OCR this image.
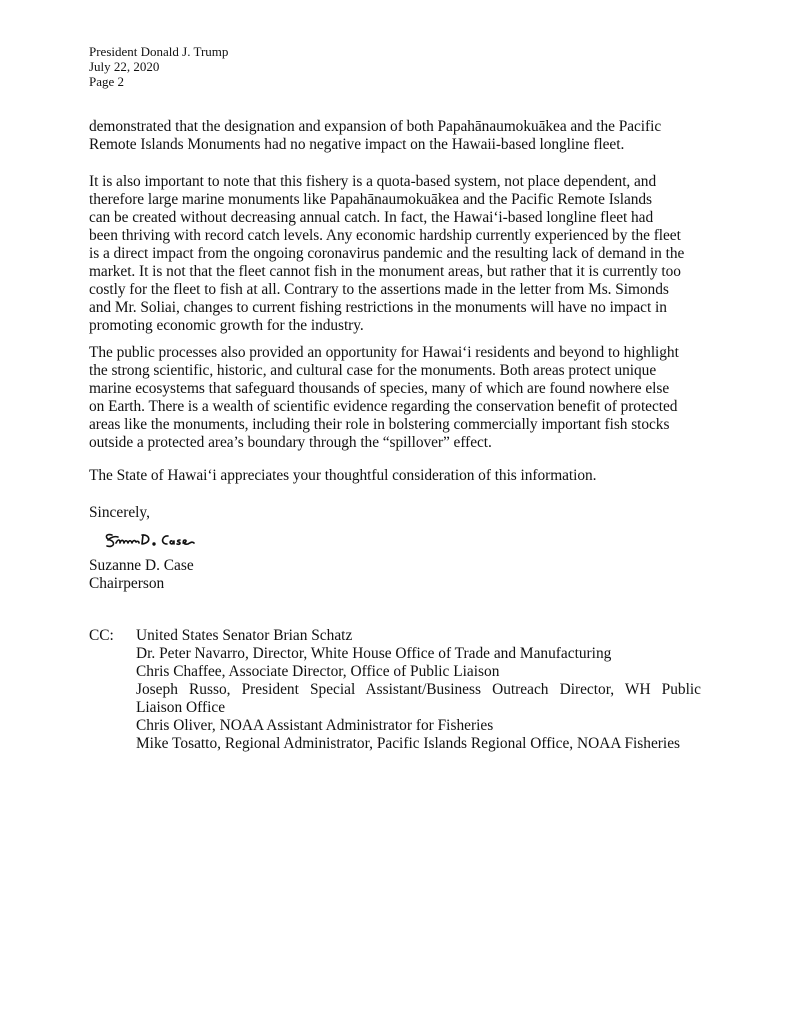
President Donald J. Trump
July 22, 2020
Page 2
demonstrated that the designation and expansion of both Papahānaumokuākea and the Pacific
Remote Islands Monuments had no negative impact on the Hawaii-based longline fleet.
It is also important to note that this fishery is a quota-based system, not place dependent, and
therefore large marine monuments like Papahānaumokuākea and the Pacific Remote Islands
can be created without decreasing annual catch. In fact, the Hawaiʻi-based longline fleet had
been thriving with record catch levels. Any economic hardship currently experienced by the fleet
is a direct impact from the ongoing coronavirus pandemic and the resulting lack of demand in the
market. It is not that the fleet cannot fish in the monument areas, but rather that it is currently too
costly for the fleet to fish at all. Contrary to the assertions made in the letter from Ms. Simonds
and Mr. Soliai, changes to current fishing restrictions in the monuments will have no impact in
promoting economic growth for the industry.
The public processes also provided an opportunity for Hawaiʻi residents and beyond to highlight
the strong scientific, historic, and cultural case for the monuments. Both areas protect unique
marine ecosystems that safeguard thousands of species, many of which are found nowhere else
on Earth. There is a wealth of scientific evidence regarding the conservation benefit of protected
areas like the monuments, including their role in bolstering commercially important fish stocks
outside a protected area’s boundary through the “spillover” effect.
The State of Hawaiʻi appreciates your thoughtful consideration of this information.
Sincerely,
Suzanne D. Case
Chairperson
CC: United States Senator Brian Schatz
Dr. Peter Navarro, Director, White House Office of Trade and Manufacturing
Chris Chaffee, Associate Director, Office of Public Liaison
Joseph Russo, President Special Assistant/Business Outreach Director, WH Public
Liaison Office
Chris Oliver, NOAA Assistant Administrator for Fisheries
Mike Tosatto, Regional Administrator, Pacific Islands Regional Office, NOAA Fisheries
